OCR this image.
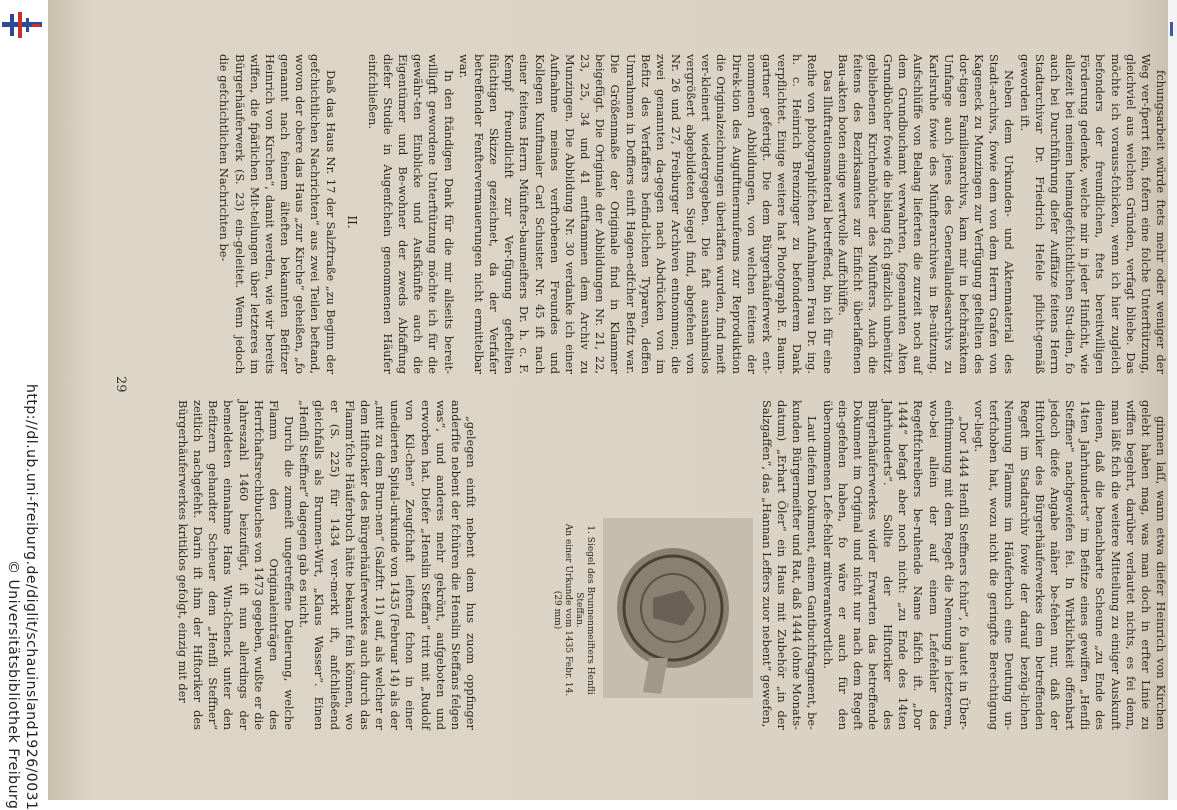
http://dl.ub.uni-freiburg.de/diglit/schauinsland1926/0031
© Universitätsbibliothek Freiburg

fchungsarbeit würde ftets mehr oder weniger der Weg ver-fperrt fein, fofern eine folche Unterftützung, gleichviel aus welchen Gründen, verfagt bliebe. Das möchte ich vorauss-fchicken, wenn ich hier zugleich befonders der freundlichen, ftets bereitwilligen Förderung gedenke, welche mir in jeder Hinficht, wie allezeit bei meinen heimatgefchichtlichen Stu-dien, fo auch bei Durchführung diefer Auffätze feitens Herrn Stadtarchivar Dr. Friedrich Hefele pflicht-gemäß geworden ift.

Neben dem Urkunden- und Aktenmaterial des Stadt-archivs, fowie dem von dem Herrn Grafen von Kageneck zu Munzingen zur Verfügung geftellten des dor-tigen Familienarchivs, kam mir in befchränktem Umfange auch jenes des Generallandesarchivs zu Karlsruhe fowie des Münfterarchives in Be-nützung. Aufschlüffe von Belang lieferten die zurzeit noch auf dem Grundbuchamt verwahrten, fogenannten Alten Grundbücher fowie die bislang fich gänzlich unbenützt gebliebenen Kirchenbücher des Münfters. Auch die feitens des Bezirksamtes zur Einficht überlaffenen Bau-akten boten einige wertvolle Auffchlüffe.

Das Illuftrationsmaterial betreffend, bin ich für eine Reihe von photographifchen Aufnahmen Frau Dr. ing. h. c. Heinrich Brenzinger zu befonderem Dank verpflichtet. Einige weitere hat Photograph E. Baum-gartner gefertigt. Die dem Bürgerhäuferwerk ent-nommenen Abbildungen, von welchen feitens der Direk-tion des Auguftinermufeums zur Reproduktion die Originalzeichnungen überlaffen wurden, find meift ver-kleinert wiedergegeben. Die faft ausnahmslos vergrößert abgebildeten Siegel find, abgefehen von Nr. 26 und 27, Freiburger Archiven entnommen; die zwei genannten da-gegen nach Abdrücken von im Befitz des Verfaffers befind-lichen Typaren, deffen Umrahmen in Doffiers einft Hagen-edfcher Befitz war. Die Größenmaße der Originale find in Klammer beigefügt. Die Originale der Abbildungen Nr. 21, 22, 23, 25, 34 und 41 entftammen dem Archiv zu Munzingen. Die Abbildung Nr. 30 verdanke ich einer Aufnahme meines verftorbenen Freundes und Kollegen Kunftmaler Carl Schuster. Nr. 45 ift nach einer feitens Herrn Münfter-baumeifters Dr. h. c. F. Kempf freundlichft zur Ver-fügung geftellten flüchtigen Skizze gezeichnet, da der Verfafer betreffender Fenftervermauerungen nicht ermittelbar war.

In den ftändigen Dank für die mir allseits bereit-willigft gewordene Unterftützung möchte ich für die gewähr-ten Einblicke und Ausfkünfte auch die Eigentümer und Be-wohner der zweds Abfaffung diefer Studie in Augenfchein genommenen Häufer einfchließen.

II.

Daß das Haus Nr. 17 der Salzftraße „zu Beginn der gefchichtlichen Nachrichten“ aus zwei Teilen beftand, wovon der obere das Haus „zur Kirche“ geheißen, „fo genannt nach feinem älteften bekannten Befitzer Heinrich von Kirchen“, damit werden, wie wir bereits wiffen, die fpärlichen Mit-teilungen über letzteres im Bürgerhäuferwerk (S. 23) ein-geleitet. Wenn jedoch die gefchichtlichen Nachrichten be-

29

ginnen laſſ, wann etwa diefer Heinrich von Kirchen gelebt haben mag, was man doch in erfter Linie zu wiffen begehrt, darüber verlautet nichts, es fei denn, man läßt fich die weitere Mitteilung zu einiger Auskunft dienen, daß die benachbarte Scheune „zu Ende des 14ten Jahrhunderts“ im Befitze eines gewiffen „Henfli Steffner“ nachgewiefen fei. In Wirklichkeit offenbart jedoch diefe Angabe näher be-fehen nur, daß der Hiftoriker des Bürgerhäuferwerkes dem betreffenden Regeft im Stadtarchiv fowie der darauf bezüg-lichen Nennung Flamms im Häuferbuch eine Deutung un-terfchoben hat, wozu nicht die geringfte Berechtigung vor-liegt.

„Dor 1444 Henfli Steffners fchür“, fo lautet in Über-einftimmung mit dem Regeft die Nennung in letzterem, wo-bei allein der auf einem Lefefehler des Regeftfchreibers be-ruhende Name falfch ift. „Dor 1444“ befagt aber noch nicht: „zu Ende des 14ten Jahrhunderts“. Sollte der Hiftoriker des Bürgerhäuferwerkes wider Erwarten das betreffende Dokument im Original und nicht nur nach dem Regeft ein-gefehen haben, fo wäre er auch für den übernommenen Lefe-fehler mitverantwortlich.

Laut diefem Dokument, einem Gantbuchfragment, be-kunden Bürgermeifter und Rat, daß 1444 (ohne Monats-datum) „Erhart Öler“ ein Haus mit Zubehör „in der Salzgaffen“, das „Hannan Leffers zuor nebent“ gewefen,

1. Siegel des Brunnenmeifters Henfli Steffan.
An einer Urkunde vom 1435 Febr. 14. (29 mm)

„gelegen einfit nebent dem hus zuom oppfinger anderfite nebent der fchüren die Henslin Steffans felgen was“, und anderes mehr gekrönt, aufgeboten und erworben hat. Diefer „Henslin Steffan“ tritt mit „Rudolf von Kil-chen“ Zeugfchaft leiftend fchon in einer unedierten Spital-urkunde von 1435 (Februar 14) als der „mitt zu dem Brun-nen“ (Salzftr. 11) auf, als welcher er dem Hiftoriker des Bürgerhäuferwerkes auch durch das Flamm'fche Häuferbuch hätte bekannt fein können, wo er (S. 225) für 1434 ver-merkt ift, anfchließend gleichfalls als Brunnen-Wirt, „Klaus Wasser“. Einen „Henfli Steffner“ dagegen gab es nicht.

Durch die zumeift ungetreffene Datierung, welche Flamm den Originaleinträgen des Herrfchaftsrechtbuches von 1473 gegeben, wußte er die Jahreszahl 1460 beizufügt, ift nun allerdings der bemeldeten einnahme Hans Win-ſchenck unter den Befitzern gehandter Scheuer dem „Henfli Steffner“ zeitlich nachgefeht. Darin ift ihm der Hiftoriker des Bürgerhäuferwerkes kritiklos gefolgt, einzig mit der
